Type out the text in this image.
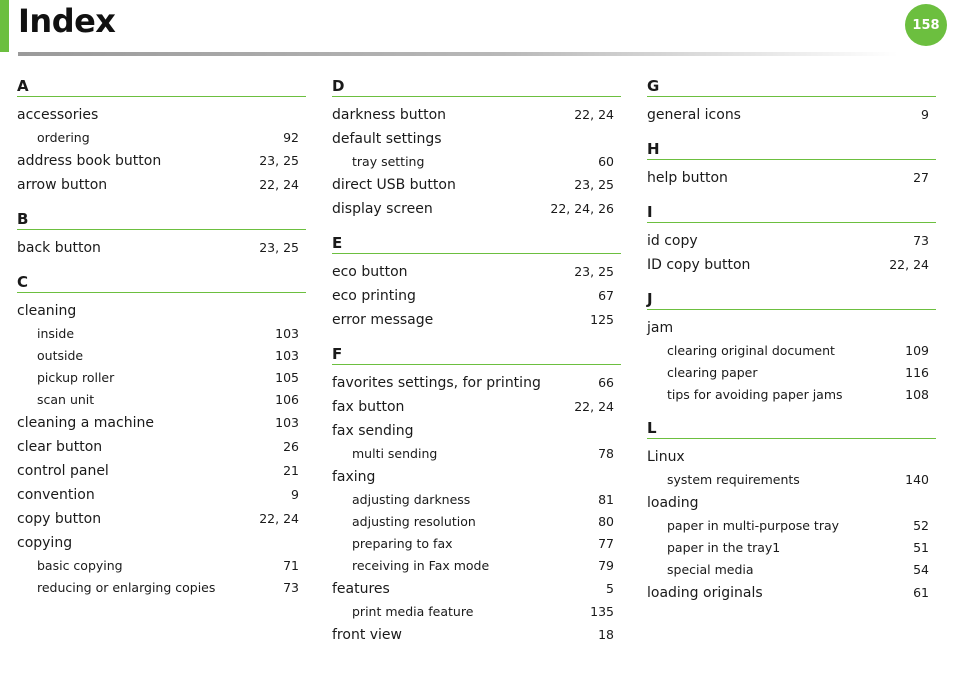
Index	158
A
accessories
ordering	92
address book button	23, 25
arrow button	22, 24
B
back button	23, 25
C
cleaning
inside	103
outside	103
pickup roller	105
scan unit	106
cleaning a machine	103
clear button	26
control panel	21
convention	9
copy button	22, 24
copying
basic copying	71
reducing or enlarging copies	73
D
darkness button	22, 24
default settings
tray setting	60
direct USB button	23, 25
display screen	22, 24, 26
E
eco button	23, 25
eco printing	67
error message	125
F
favorites settings, for printing	66
fax button	22, 24
fax sending
multi sending	78
faxing
adjusting darkness	81
adjusting resolution	80
preparing to fax	77
receiving in Fax mode	79
features	5
print media feature	135
front view	18
G
general icons	9
H
help button	27
I
id copy	73
ID copy button	22, 24
J
jam
clearing original document	109
clearing paper	116
tips for avoiding paper jams	108
L
Linux
system requirements	140
loading
paper in multi-purpose tray	52
paper in the tray1	51
special media	54
loading originals	61
